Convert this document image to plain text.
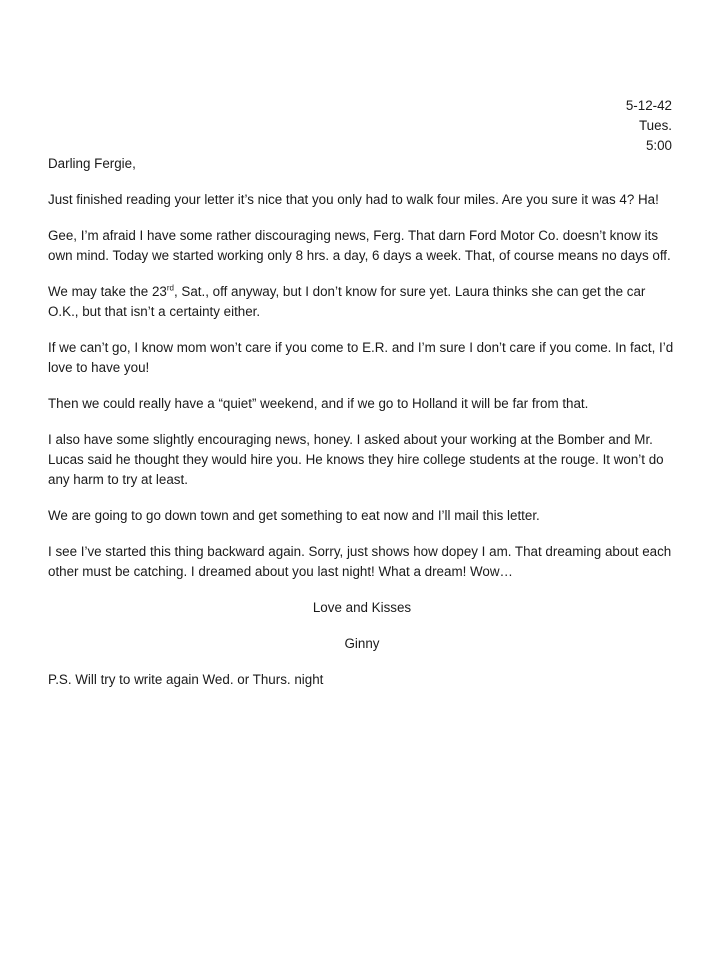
5-12-42
Tues.
5:00

Darling Fergie,

Just finished reading your letter it’s nice that you only had to walk four miles. Are you sure it was 4? Ha!

Gee, I’m afraid I have some rather discouraging news, Ferg. That darn Ford Motor Co. doesn’t know its own mind. Today we started working only 8 hrs. a day, 6 days a week. That, of course means no days off.

We may take the 23rd, Sat., off anyway, but I don’t know for sure yet. Laura thinks she can get the car O.K., but that isn’t a certainty either.

If we can’t go, I know mom won’t care if you come to E.R. and I’m sure I don’t care if you come. In fact, I’d love to have you!

Then we could really have a “quiet” weekend, and if we go to Holland it will be far from that.

I also have some slightly encouraging news, honey. I asked about your working at the Bomber and Mr. Lucas said he thought they would hire you. He knows they hire college students at the rouge. It won’t do any harm to try at least.

We are going to go down town and get something to eat now and I’ll mail this letter.

I see I’ve started this thing backward again. Sorry, just shows how dopey I am. That dreaming about each other must be catching. I dreamed about you last night! What a dream! Wow…

Love and Kisses

Ginny

P.S. Will try to write again Wed. or Thurs. night
